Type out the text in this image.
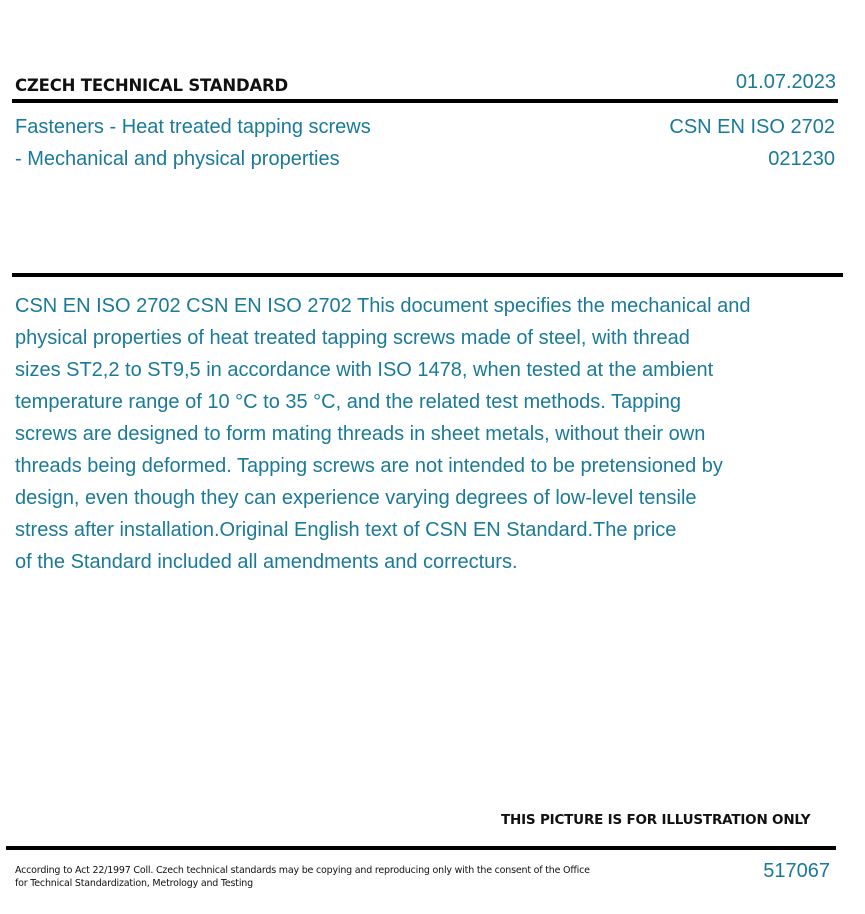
CZECH TECHNICAL STANDARD	01.07.2023
Fasteners - Heat treated tapping screws
- Mechanical and physical properties
CSN EN ISO 2702
021230
CSN EN ISO 2702 CSN EN ISO 2702 This document specifies the mechanical and
physical properties of heat treated tapping screws made of steel, with thread
sizes ST2,2 to ST9,5 in accordance with ISO 1478, when tested at the ambient
temperature range of 10 °C to 35 °C, and the related test methods. Tapping
screws are designed to form mating threads in sheet metals, without their own
threads being deformed. Tapping screws are not intended to be pretensioned by
design, even though they can experience varying degrees of low-level tensile
stress after installation.Original English text of CSN EN Standard.The price
of the Standard included all amendments and correcturs.
THIS PICTURE IS FOR ILLUSTRATION ONLY
According to Act 22/1997 Coll. Czech technical standards may be copying and reproducing only with the consent of the Office
for Technical Standardization, Metrology and Testing
517067
